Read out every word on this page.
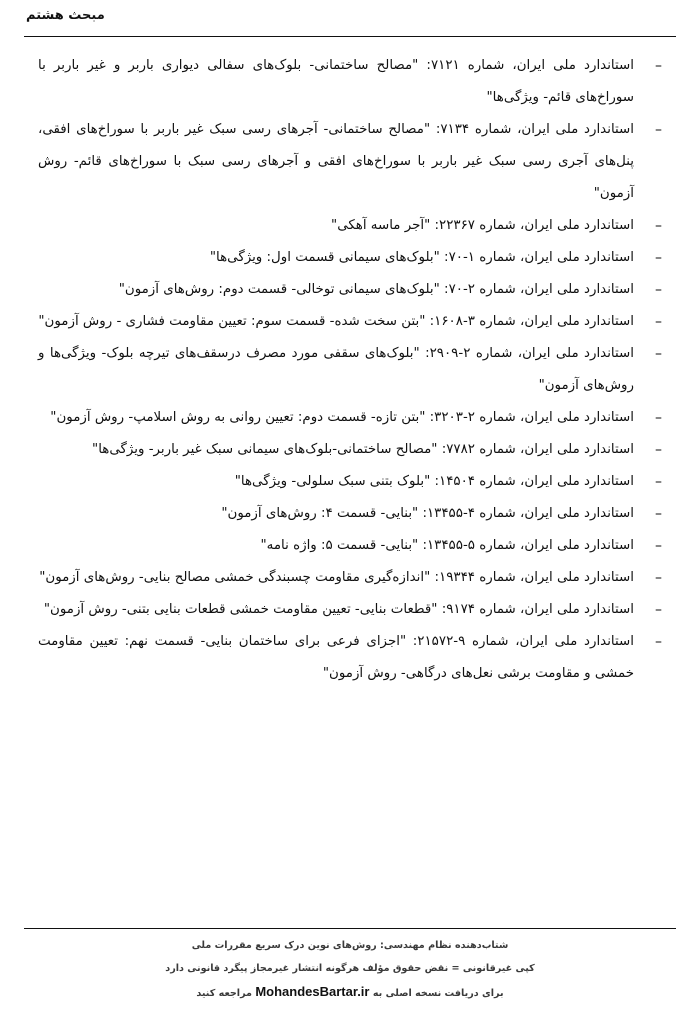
مبحث هشتم
–
استاندارد ملی ایران، شماره ۷۱۲۱: "مصالح ساختمانی- بلوک‌های سفالی دیواری باربر و غیر باربر با سوراخ‌های قائم- ویژگی‌ها"
–
استاندارد ملی ایران، شماره ۷۱۳۴: "مصالح ساختمانی- آجرهای رسی سبک غیر باربر با سوراخ‌های افقی، پنل‌های آجری رسی سبک غیر باربر با سوراخ‌های افقی و آجرهای رسی سبک با سوراخ‌های قائم- روش آزمون"
–
استاندارد ملی ایران، شماره ۲۲۳۶۷: "آجر ماسه آهکی"
–
استاندارد ملی ایران، شماره ۱-۷۰: "بلوک‌های سیمانی قسمت اول: ویژگی‌ها"
–
استاندارد ملی ایران، شماره ۲-۷۰: "بلوک‌های سیمانی توخالی- قسمت دوم: روش‌های آزمون"
–
استاندارد ملی ایران، شماره ۳-۱۶۰۸: "بتن سخت شده- قسمت سوم: تعیین مقاومت فشاری - روش آزمون"
–
استاندارد ملی ایران، شماره ۲-۲۹۰۹: "بلوک‌های سقفی مورد مصرف درسقف‌های تیرچه بلوک- ویژگی‌ها و روش‌های آزمون"
–
استاندارد ملی ایران، شماره ۲-۳۲۰۳: "بتن تازه- قسمت دوم: تعیین روانی به روش اسلامپ- روش آزمون"
–
استاندارد ملی ایران، شماره ۷۷۸۲: "مصالح ساختمانی-بلوک‌های سیمانی سبک غیر باربر- ویژگی‌ها"
–
استاندارد ملی ایران، شماره ۱۴۵۰۴: "بلوک بتنی سبک سلولی- ویژگی‌ها"
–
استاندارد ملی ایران، شماره ۴-۱۳۴۵۵: "بنایی- قسمت ۴: روش‌های آزمون"
–
استاندارد ملی ایران، شماره ۵-۱۳۴۵۵: "بنایی- قسمت ۵: واژه نامه"
–
استاندارد ملی ایران، شماره ۱۹۳۴۴: "اندازه‌گیری مقاومت چسبندگی خمشی مصالح بنایی- روش‌های آزمون"
–
استاندارد ملی ایران، شماره ۹۱۷۴: "قطعات بنایی- تعیین مقاومت خمشی قطعات بنایی بتنی- روش آزمون"
–
استاندارد ملی ایران، شماره ۹-۲۱۵۷۲: "اجزای فرعی برای ساختمان بنایی- قسمت نهم: تعیین مقاومت خمشی و مقاومت برشی نعل‌های درگاهی- روش آزمون"
شتاب‌دهنده نظام مهندسی: روش‌های نوین درک سریع مقررات ملی
کپی غیرقانونی = نقض حقوق مؤلف هرگونه انتشار غیرمجاز پیگرد قانونی دارد
برای دریافت نسخه اصلی به MohandesBartar.ir مراجعه کنید
